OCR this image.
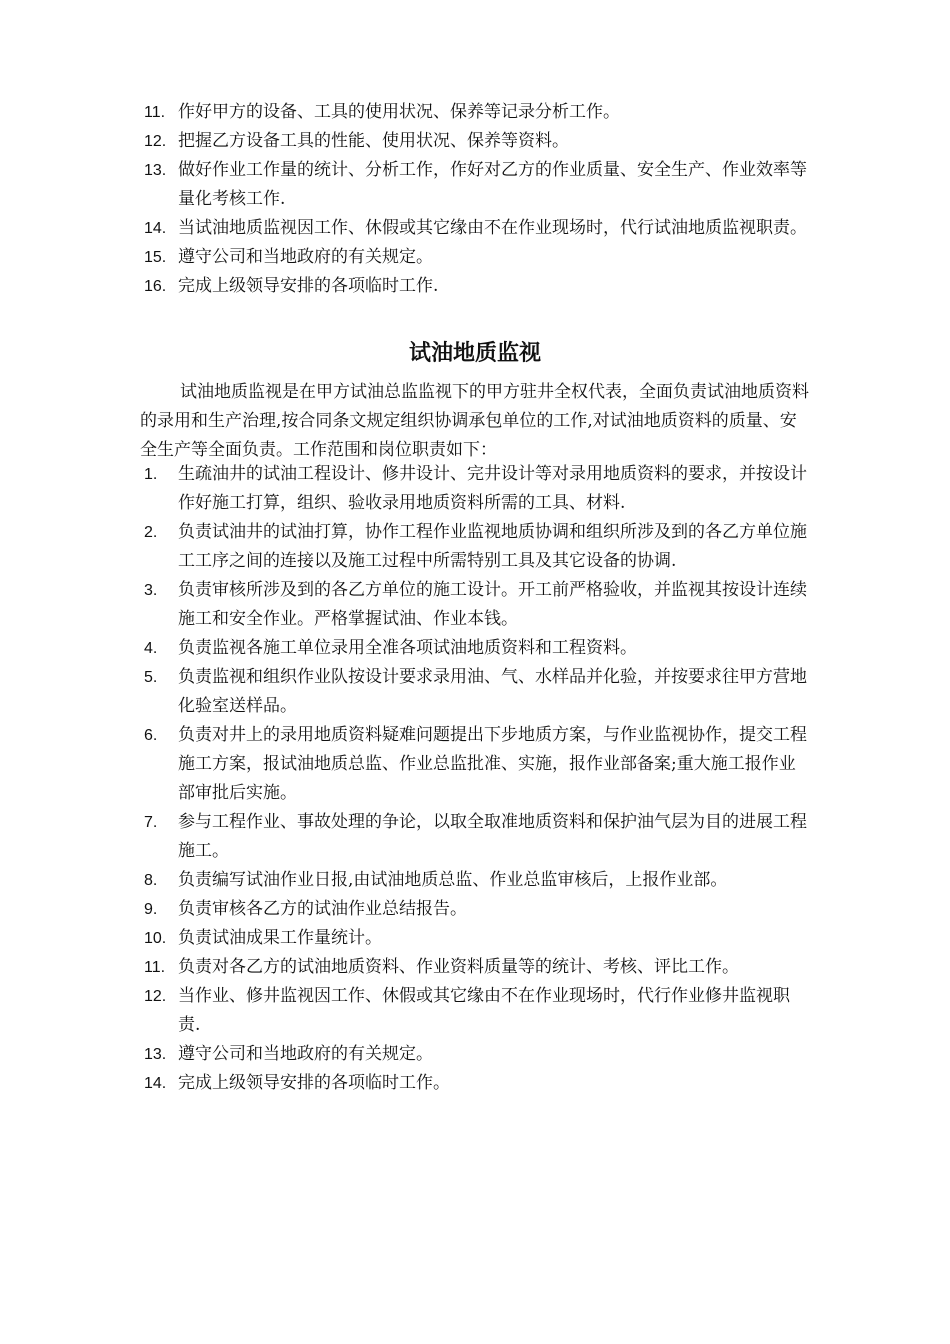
11. 作好甲方的设备、工具的使用状况、保养等记录分析工作。
12. 把握乙方设备工具的性能、使用状况、保养等资料。
13. 做好作业工作量的统计、分析工作，作好对乙方的作业质量、安全生产、作业效率等量化考核工作.
14. 当试油地质监视因工作、休假或其它缘由不在作业现场时，代行试油地质监视职责。
15. 遵守公司和当地政府的有关规定。
16. 完成上级领导安排的各项临时工作.
试油地质监视

试油地质监视是在甲方试油总监监视下的甲方驻井全权代表，全面负责试油地质资料的录用和生产治理,按合同条文规定组织协调承包单位的工作,对试油地质资料的质量、安全生产等全面负责。工作范围和岗位职责如下：

1. 生疏油井的试油工程设计、修井设计、完井设计等对录用地质资料的要求，并按设计作好施工打算，组织、验收录用地质资料所需的工具、材料.
2. 负责试油井的试油打算，协作工程作业监视地质协调和组织所涉及到的各乙方单位施工工序之间的连接以及施工过程中所需特别工具及其它设备的协调.
3. 负责审核所涉及到的各乙方单位的施工设计。开工前严格验收，并监视其按设计连续施工和安全作业。严格掌握试油、作业本钱。
4. 负责监视各施工单位录用全准各项试油地质资料和工程资料。
5. 负责监视和组织作业队按设计要求录用油、气、水样品并化验，并按要求往甲方营地化验室送样品。
6. 负责对井上的录用地质资料疑难问题提出下步地质方案，与作业监视协作，提交工程施工方案，报试油地质总监、作业总监批准、实施，报作业部备案;重大施工报作业部审批后实施。
7. 参与工程作业、事故处理的争论，以取全取准地质资料和保护油气层为目的进展工程施工。
8. 负责编写试油作业日报,由试油地质总监、作业总监审核后，上报作业部。
9. 负责审核各乙方的试油作业总结报告。
10. 负责试油成果工作量统计。
11. 负责对各乙方的试油地质资料、作业资料质量等的统计、考核、评比工作。
12. 当作业、修井监视因工作、休假或其它缘由不在作业现场时，代行作业修井监视职责.
13. 遵守公司和当地政府的有关规定。
14. 完成上级领导安排的各项临时工作。
